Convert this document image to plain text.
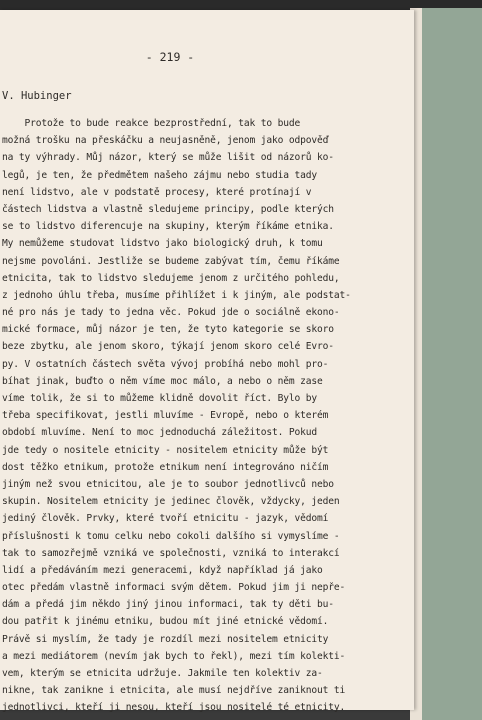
- 219 -
V. Hubinger
Protože to bude reakce bezprostřední, tak to bude
možná trošku na přeskáčku a neujasněně, jenom jako odpověď
na ty výhrady. Můj názor, který se může lišit od názorů ko-
legů, je ten, že předmětem našeho zájmu nebo studia tady
není lidstvo, ale v podstatě procesy, které protínají v
částech lidstva a vlastně sledujeme principy, podle kterých
se to lidstvo diferencuje na skupiny, kterým říkáme etnika.
My nemůžeme studovat lidstvo jako biologický druh, k tomu
nejsme povoláni. Jestliže se budeme zabývat tím, čemu říkáme
etnicita, tak to lidstvo sledujeme jenom z určitého pohledu,
z jednoho úhlu třeba, musíme přihlížet i k jiným, ale podstat-
né pro nás je tady to jedna věc. Pokud jde o sociálně ekono-
mické formace, můj názor je ten, že tyto kategorie se skoro
beze zbytku, ale jenom skoro, týkají jenom skoro celé Evro-
py. V ostatních částech světa vývoj probíhá nebo mohl pro-
bíhat jinak, buďto o něm víme moc málo, a nebo o něm zase
víme tolik, že si to můžeme klidně dovolit říct. Bylo by
třeba specifikovat, jestli mluvíme - Evropě, nebo o kterém
období mluvíme. Není to moc jednoduchá záležitost. Pokud
jde tedy o nositele etnicity - nositelem etnicity může být
dost těžko etnikum, protože etnikum není integrováno ničím
jiným než svou etnicitou, ale je to soubor jednotlivců nebo
skupin. Nositelem etnicity je jedinec člověk, vždycky, jeden
jediný člověk. Prvky, které tvoří etnicitu - jazyk, vědomí
příslušnosti k tomu celku nebo cokoli dalšího si vymyslíme -
tak to samozřejmě vzniká ve společnosti, vzniká to interakcí
lidí a předáváním mezi generacemi, když například já jako
otec předám vlastně informaci svým dětem. Pokud jim ji nepře-
dám a předá jim někdo jiný jinou informaci, tak ty děti bu-
dou patřit k jinému etniku, budou mít jiné etnické vědomí.
Právě si myslím, že tady je rozdíl mezi nositelem etnicity
a mezi mediátorem (nevím jak bych to řekl), mezi tím kolekti-
vem, kterým se etnicita udržuje. Jakmile ten kolektiv za-
nikne, tak zanikne i etnicita, ale musí nejdříve zaniknout ti
jednotlivci, kteří ji nesou, kteří jsou nositelé té etnicity.
